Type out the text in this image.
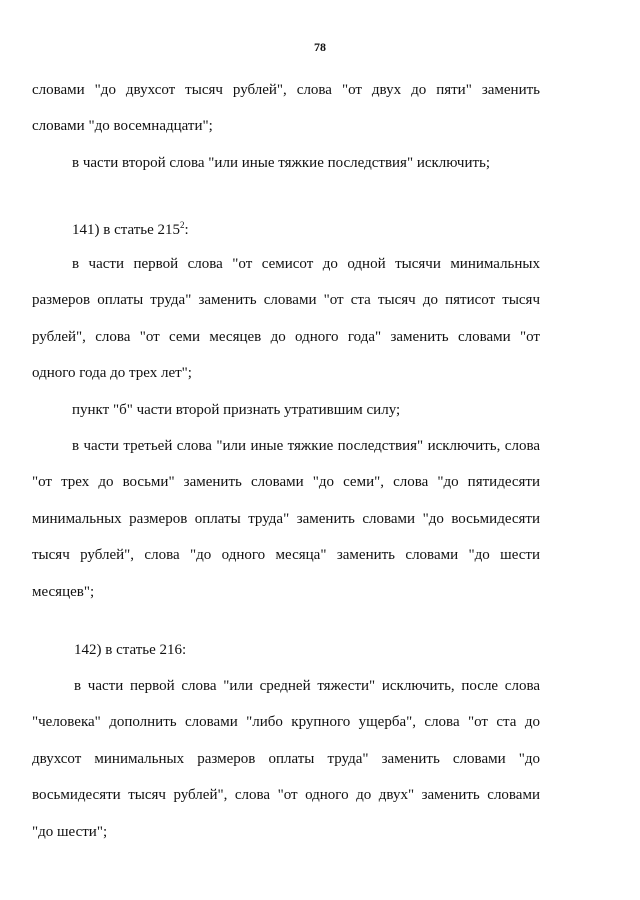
78
словами "до двухсот тысяч рублей", слова "от двух до пяти" заменить
словами "до восемнадцати";
в части второй слова "или иные тяжкие последствия" исключить;
141) в статье $215^2$:
в части первой слова "от семисот до одной тысячи минимальных
размеров оплаты труда" заменить словами "от ста тысяч до пятисот тысяч
рублей", слова "от семи месяцев до одного года" заменить словами "от
одного года до трех лет";
пункт "б" части второй признать утратившим силу;
в части третьей слова "или иные тяжкие последствия" исключить, слова
"от трех до восьми" заменить словами "до семи", слова "до пятидесяти
минимальных размеров оплаты труда" заменить словами "до восьмидесяти
тысяч рублей", слова "до одного месяца" заменить словами "до шести
месяцев";
142) в статье 216:
в части первой слова "или средней тяжести" исключить, после слова
"человека" дополнить словами "либо крупного ущерба", слова "от ста до
двухсот минимальных размеров оплаты труда" заменить словами "до
восьмидесяти тысяч рублей", слова "от одного до двух" заменить словами
"до шести";
